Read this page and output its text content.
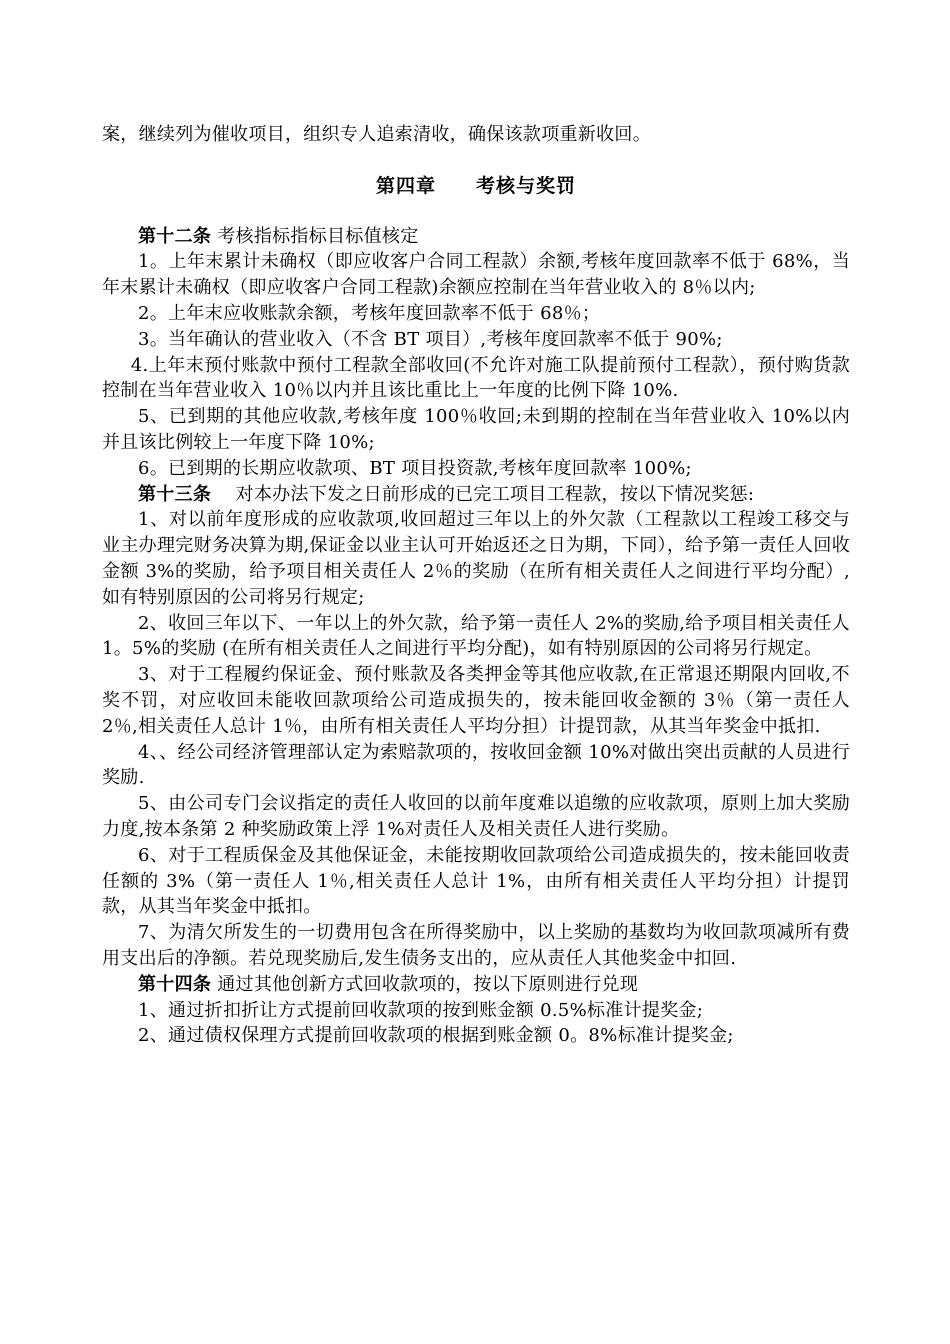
案，继续列为催收项目，组织专人追索清收，确保该款项重新收回。

第四章 考核与奖罚

第十二条 考核指标指标目标值核定

1。上年末累计未确权（即应收客户合同工程款）余额,考核年度回款率不低于 68%，当年末累计未确权（即应收客户合同工程款)余额应控制在当年营业收入的 8％以内;

2。上年末应收账款余额，考核年度回款率不低于 68％；

3。当年确认的营业收入（不含 BT 项目）,考核年度回款率不低于 90%;

4.上年末预付账款中预付工程款全部收回(不允许对施工队提前预付工程款），预付购货款控制在当年营业收入 10％以内并且该比重比上一年度的比例下降 10%.

5、已到期的其他应收款,考核年度 100％收回;未到期的控制在当年营业收入 10%以内并且该比例较上一年度下降 10%;

6。已到期的长期应收款项、BT 项目投资款,考核年度回款率 100%;

第十三条　 对本办法下发之日前形成的已完工项目工程款，按以下情况奖惩:

1、对以前年度形成的应收款项,收回超过三年以上的外欠款（工程款以工程竣工移交与业主办理完财务决算为期,保证金以业主认可开始返还之日为期，下同），给予第一责任人回收金额 3%的奖励，给予项目相关责任人 2％的奖励（在所有相关责任人之间进行平均分配）,如有特别原因的公司将另行规定;

2、收回三年以下、一年以上的外欠款，给予第一责任人 2%的奖励,给予项目相关责任人 1。5%的奖励 (在所有相关责任人之间进行平均分配)，如有特别原因的公司将另行规定。

3、对于工程履约保证金、预付账款及各类押金等其他应收款,在正常退还期限内回收,不奖不罚，对应收回未能收回款项给公司造成损失的，按未能回收金额的 3％（第一责任人 2％,相关责任人总计 1％，由所有相关责任人平均分担）计提罚款，从其当年奖金中抵扣.

4、、经公司经济管理部认定为索赔款项的，按收回金额 10%对做出突出贡献的人员进行奖励.

5、由公司专门会议指定的责任人收回的以前年度难以追缴的应收款项，原则上加大奖励力度,按本条第 2 种奖励政策上浮 1%对责任人及相关责任人进行奖励。

6、对于工程质保金及其他保证金，未能按期收回款项给公司造成损失的，按未能回收责任额的 3%（第一责任人 1％,相关责任人总计 1%，由所有相关责任人平均分担）计提罚款，从其当年奖金中抵扣。

7、为清欠所发生的一切费用包含在所得奖励中，以上奖励的基数均为收回款项减所有费用支出后的净额。若兑现奖励后,发生债务支出的，应从责任人其他奖金中扣回.

第十四条 通过其他创新方式回收款项的，按以下原则进行兑现

1、通过折扣折让方式提前回收款项的按到账金额 0.5%标准计提奖金;

2、通过债权保理方式提前回收款项的根据到账金额 0。8%标准计提奖金;
